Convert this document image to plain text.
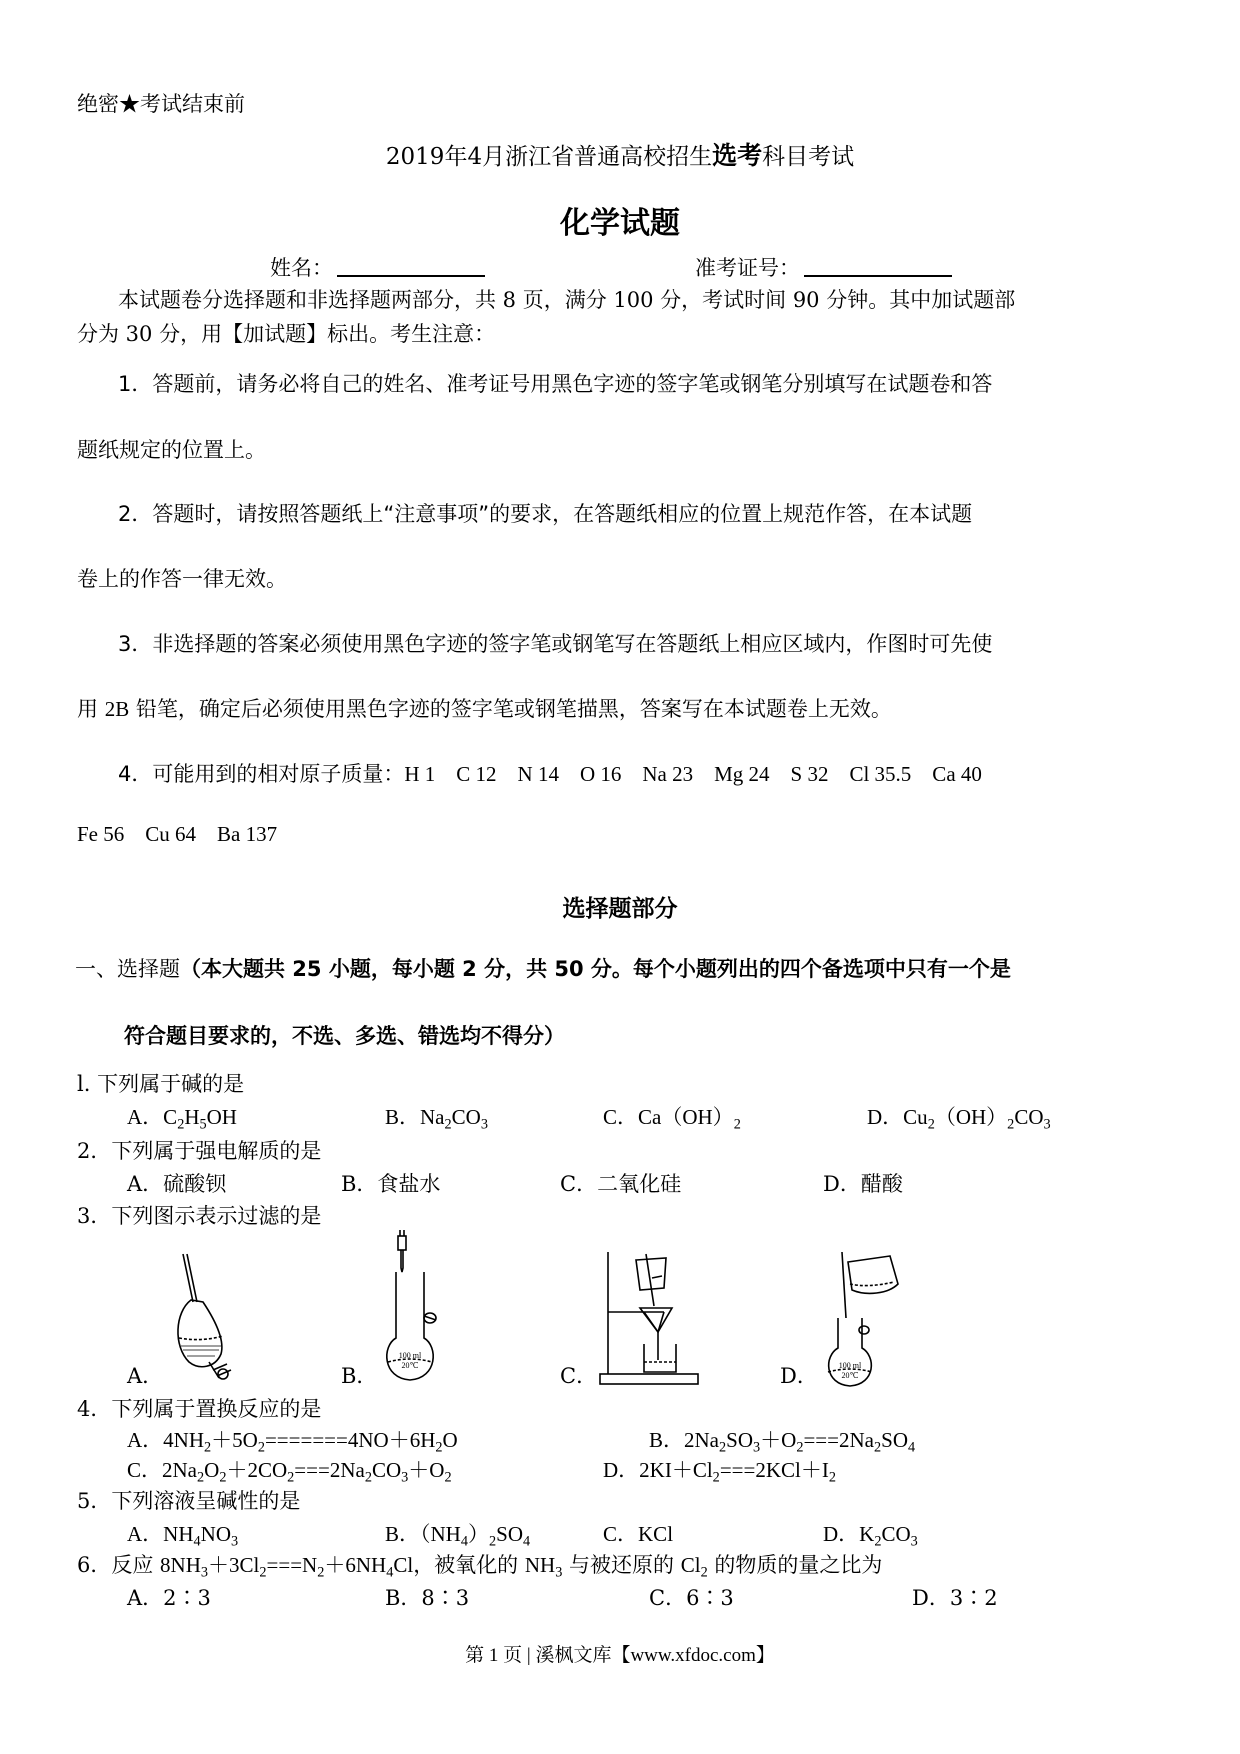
绝密★考试结束前
2019年4月浙江省普通高校招生选考科目考试
化学试题
姓名：	准考证号：
本试题卷分选择题和非选择题两部分，共 8 页，满分 100 分，考试时间 90 分钟。其中加试题部
分为 30 分，用【加试题】标出。考生注意：
1．答题前，请务必将自己的姓名、准考证号用黑色字迹的签字笔或钢笔分别填写在试题卷和答
题纸规定的位置上。
2．答题时，请按照答题纸上“注意事项”的要求，在答题纸相应的位置上规范作答，在本试题
卷上的作答一律无效。
3．非选择题的答案必须使用黑色字迹的签字笔或钢笔写在答题纸上相应区域内，作图时可先使
用 2B 铅笔，确定后必须使用黑色字迹的签字笔或钢笔描黑，答案写在本试题卷上无效。
4．可能用到的相对原子质量：H 1    C 12    N 14    O 16    Na 23    Mg 24    S 32    Cl 35.5    Ca 40
Fe 56    Cu 64    Ba 137
选择题部分
一、选择题（本大题共 25 小题，每小题 2 分，共 50 分。每个小题列出的四个备选项中只有一个是
符合题目要求的，不选、多选、错选均不得分）
l. 下列属于碱的是
A．$C_2H_5OH$	B．$Na_2CO_3$	C．$Ca(OH)_2$	D．$Cu_2(OH)_2CO_3$
2．下列属于强电解质的是
A．硫酸钡	B．食盐水	C．二氧化硅	D．醋酸
3．下列图示表示过滤的是
A．	B．
100 ml
20℃	C．	D．	100 ml
20℃
4．下列属于置换反应的是
A．$4NH_2+5O_2=======4NO+6H_2O$	B．$2Na_2SO_3+O_2===2Na_2SO_4$
C．$2Na_2O_2+2CO_2===2Na_2CO_3+O_2$	D．$2KI+Cl_2===2KCl+I_2$
5．下列溶液呈碱性的是
A．$NH_4NO_3$	B．$(NH_4)_2SO_4$	C．KCl	D．$K_2CO_3$
6．反应 $8NH_3+3Cl_2===N_2+6NH_4Cl$，被氧化的 $NH_3$ 与被还原的 $Cl_2$ 的物质的量之比为
A．2∶3	B．8∶3	C．6∶3	D．3∶2
第 1 页 | 溪枫文库【www.xfdoc.com】
